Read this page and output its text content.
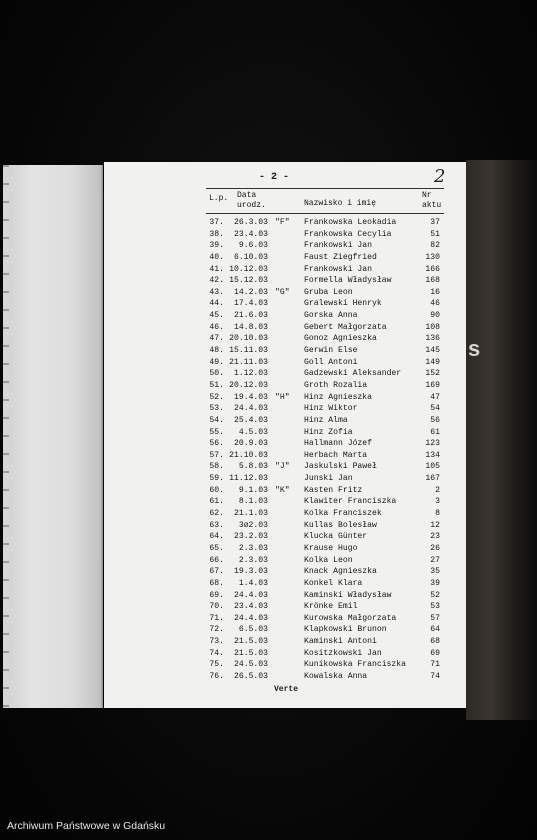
s
- 2 -	2
L.p. Data
urodz.	Nazwisko i imię
Nr
aktu
37.	26.3.03 "F"	Frankowska Leokadia	37
38.	23.4.03	Frankowska Cecylia	51
39.	9.6.03	Frankowski Jan	82
40.	6.10.03	Faust Ziegfried	130
41. 10.12.03	Frankowski Jan	166
42. 15.12.03	Formella Władysław	168
43.	14.2.03 "G"	Gruba Leon	16
44.	17.4.03	Gralewski Henryk	46
45.	21.6.03	Gorska Anna	90
46.	14.8.03	Gebert Małgorzata	108
47. 20.10.03	Gonoz Agnieszka	136
48. 15.11.03	Gerwin Else	145
49. 21.11.03	Goll Antoni	149
50.	1.12.03	Gadzewski Aleksander	152
51. 20.12.03	Groth Rozalia	169
52.	19.4.03 "H"	Hinz Agnieszka	47
53.	24.4.03	Hinz Wiktor	54
54.	25.4.03	Hinz Alma	56
55.	4.5.03	Hinz Zofia	61
56.	20.9.03	Hallmann Józef	123
57. 21.10.03	Herbach Marta	134
58.	5.8.03 "J"	Jaskulski Paweł	105
59. 11.12.03	Junski Jan	167
60.	9.1.03 "K"	Kasten Fritz	2
61.	8.1.03	Klawiter Franciszka	3
62.	21.1.03	Kolka Franciszek	8
63.	3ø2.03	Kullas Bolesław	12
64.	23.2.03	Klucka Günter	23
65.	2.3.03	Krause Hugo	26
66.	2.3.03	Kolka Leon	27
67.	19.3.03	Knack Agnieszka	35
68.	1.4.03	Konkel Klara	39
69.	24.4.03	Kaminski Władysław	52
70.	23.4.03	Krönke Emil	53
71.	24.4.03	Kurowska Małgorzata	57
72.	6.5.03	Klapkowski Brunon	64
73.	21.5.03	Kaminski Antoni	68
74.	21.5.03	Kositzkowski Jan	69
75.	24.5.03	Kunikowska Franciszka	71
76.	26.5.03	Kowalska Anna	74
Verte
Archiwum Państwowe w Gdańsku
